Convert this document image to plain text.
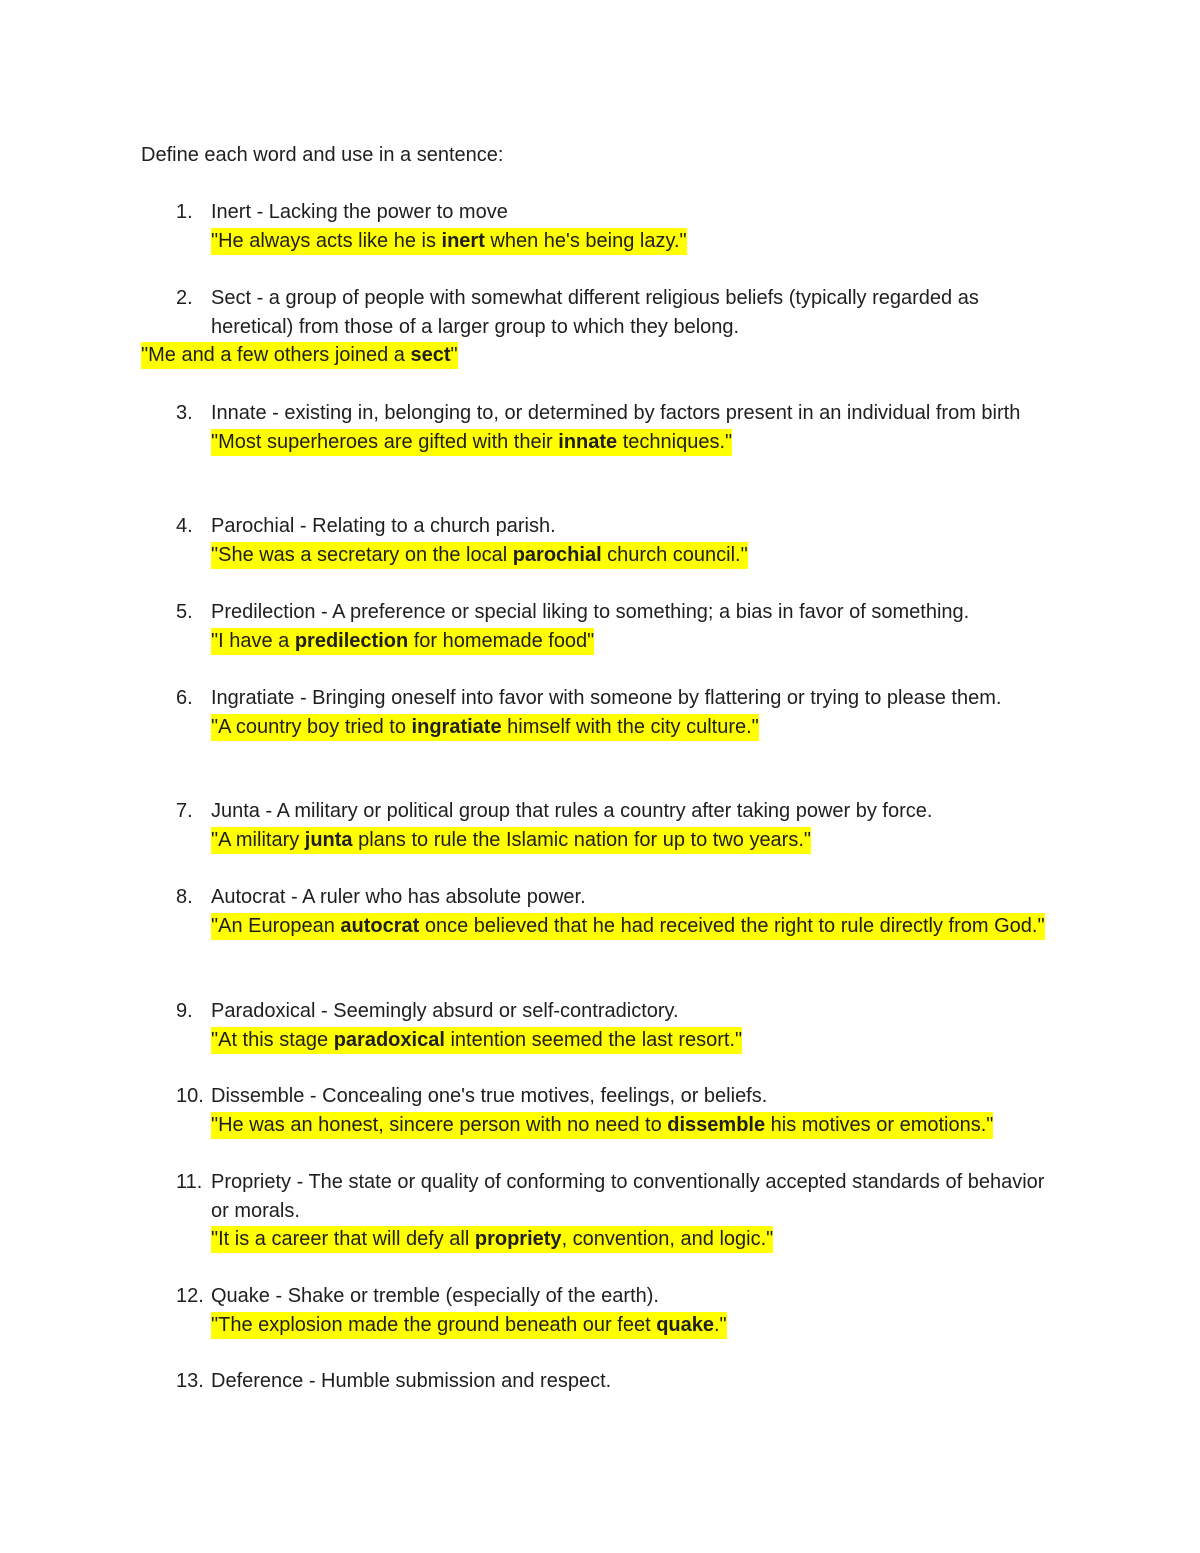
Define each word and use in a sentence:
1. Inert - Lacking the power to move
"He always acts like he is inert when he's being lazy."
2. Sect - a group of people with somewhat different religious beliefs (typically regarded as heretical) from those of a larger group to which they belong.
"Me and a few others joined a sect"
3. Innate - existing in, belonging to, or determined by factors present in an individual from birth
"Most superheroes are gifted with their innate techniques."
4. Parochial - Relating to a church parish.
"She was a secretary on the local parochial church council."
5. Predilection - A preference or special liking to something; a bias in favor of something.
"I have a predilection for homemade food"
6. Ingratiate - Bringing oneself into favor with someone by flattering or trying to please them.
"A country boy tried to ingratiate himself with the city culture."
7. Junta - A military or political group that rules a country after taking power by force.
"A military junta plans to rule the Islamic nation for up to two years."
8. Autocrat - A ruler who has absolute power.
"An European autocrat once believed that he had received the right to rule directly from God."
9. Paradoxical - Seemingly absurd or self-contradictory.
"At this stage paradoxical intention seemed the last resort."
10. Dissemble - Concealing one's true motives, feelings, or beliefs.
"He was an honest, sincere person with no need to dissemble his motives or emotions."
11. Propriety - The state or quality of conforming to conventionally accepted standards of behavior or morals.
"It is a career that will defy all propriety, convention, and logic."
12. Quake - Shake or tremble (especially of the earth).
"The explosion made the ground beneath our feet quake."
13. Deference - Humble submission and respect.
